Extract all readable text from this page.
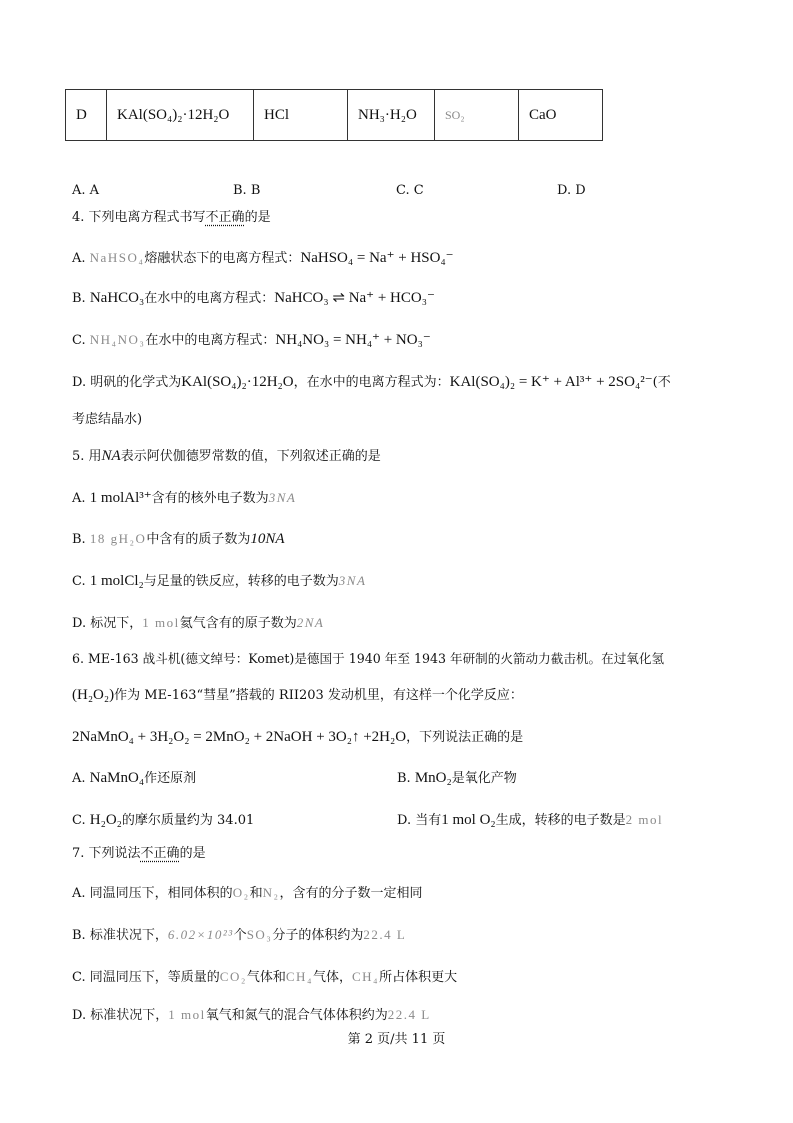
D	KAl(SO₄)₂·12H₂O	HCl	NH₃·H₂O	SO₂	CaO
A. A	B. B	C. C	D. D
4. 下列电离方程式书写不正确的是
A. NaHSO₄熔融状态下的电离方程式：NaHSO₄ = Na⁺ + HSO₄⁻
B. NaHCO₃在水中的电离方程式：NaHCO₃ ⇌ Na⁺ + HCO₃⁻
C. NH₄NO₃在水中的电离方程式：NH₄NO₃ = NH₄⁺ + NO₃⁻
D. 明矾的化学式为KAl(SO₄)₂·12H₂O，在水中的电离方程式为：KAl(SO₄)₂ = K⁺ + Al³⁺ + 2SO₄²⁻(不
考虑结晶水)
5. 用NA表示阿伏伽德罗常数的值，下列叙述正确的是
A. 1 molAl³⁺含有的核外电子数为3NA
B. 18 gH₂O中含有的质子数为10NA
C. 1 molCl₂与足量的铁反应，转移的电子数为3NA
D. 标况下，1 mol氦气含有的原子数为2NA
6. ME-163 战斗机(德文绰号：Komet)是德国于 1940 年至 1943 年研制的火箭动力截击机。在过氧化氢
(H₂O₂)作为 ME-163“彗星”搭载的 RII203 发动机里，有这样一个化学反应：
2NaMnO₄ + 3H₂O₂ = 2MnO₂ + 2NaOH + 3O₂↑ +2H₂O，下列说法正确的是
A. NaMnO₄作还原剂	B. MnO₂是氧化产物
C. H₂O₂的摩尔质量约为 34.01	D. 当有1 mol O₂生成，转移的电子数是2 mol
7. 下列说法不正确的是
A. 同温同压下，相同体积的O₂和N₂，含有的分子数一定相同
B. 标准状况下，6.02×10²³个SO₃分子的体积约为22.4 L
C. 同温同压下，等质量的CO₂气体和CH₄气体，CH₄所占体积更大
D. 标准状况下，1 mol氧气和氮气的混合气体体积约为22.4 L
第 2 页/共 11 页
